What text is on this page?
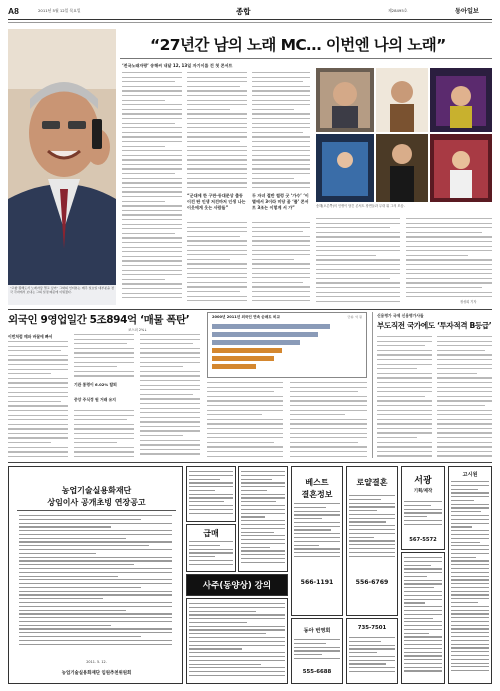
A8	2011년 5월 12일 목요일	종합	제28495호	동아일보
“고향 황해도서 노래자랑 열고 싶어” 그와의 인터뷰는 매주 일요일 대부분을 전국 각지에서 보내는 그의 일정 때문에 이뤄졌다.
“27년간 남의 노래 MC… 이번엔 나의 노래”
‘전국노래자랑’ 송해씨 내달 12, 13일 자기이름 건 첫 콘서트
“군대에 한 구판·동대문상 출동 이건 딴 인생 저건마저 인생 나는 이웃에게 웃는 사람들”
두 자녀 절반 썰렁 굿 ‘가수’ ‘이별에서 3이라 미당 꿈 ‘풀’ 콘서트 3조는 이렇게 서 가”	송해(오른쪽)의 인생이 담긴 콘서트 장면들과 무대 위 그의 모습.
정성희 기자
외국인 9영업일간 5조894억 ‘매물 폭탄’
코스피 2%↓
이번처럼 매파 바꿀에 빠서
기관 통령이 6.02% 탈퇴
중앙 주식정 원 거래 유지
2000년 2011년 외국인 연속 순매도 비교	단위: 억 원	신용평가 국제 신용평가사들
부도직전 국가에도 ‘투자적격 B등급’
농업기술실용화재단
상임이사 공개초빙 연장공고
2011. 5. 12.
농업기술실용화재단 임원추천위원회
급매
사주(동양상) 강의
베스트
결혼정보
566-1191
동아 번영회
555-6688
로얄결혼
556-6769
735-7501
서광
기획/제작
567-5572
고시원
